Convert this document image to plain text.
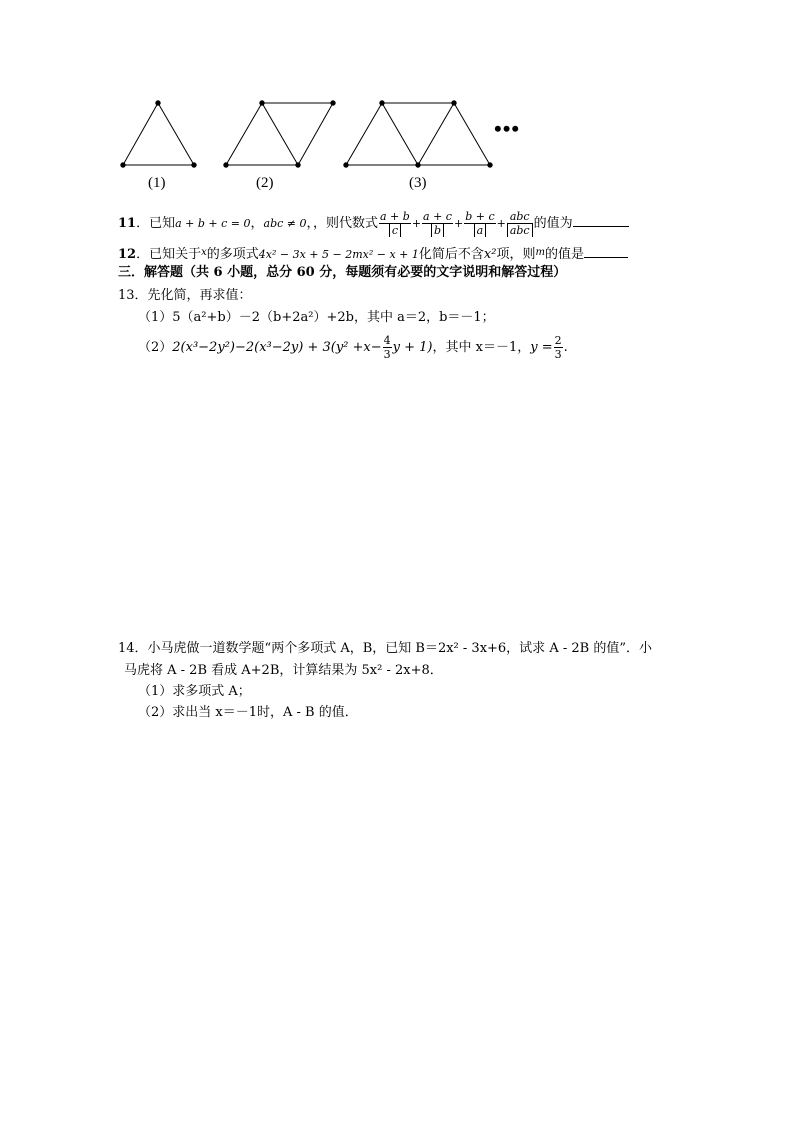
•••
(1)	(2)	(3)
11．已知a + b + c = 0，abc ≠ 0，，则代数式 $\frac{a + b}{c} + \frac{a + c}{b} + \frac{b + c}{a} + \frac{\text{abc}}{\text{abc}}$ 的值为
12．已知关于$^x$的多项式4x² − 3x + 5 − 2mx² − x + 1化简后不含x²项，则$^m$的值是
三．解答题（共 6 小题，总分 60 分，每题须有必要的文字说明和解答过程）
13．先化简，再求值：
（1）5（a²+b）－2（b+2a²）+2b，其中 a＝2，b＝－1；
$(2)2(x^3-2y^2)-2(x^3-2y) + 3(y^2 +x- \frac{4}{3}$ y + 1)，其中 x＝－1，$y = \frac{2}{3}$ .
14．小马虎做一道数学题“两个多项式 A，B，已知 B＝2x² - 3x+6，试求 A - 2B 的值”．小
马虎将 A - 2B 看成 A+2B，计算结果为 5x² - 2x+8．
（1）求多项式 A；
（2）求出当 x＝－1时，A - B 的值．
